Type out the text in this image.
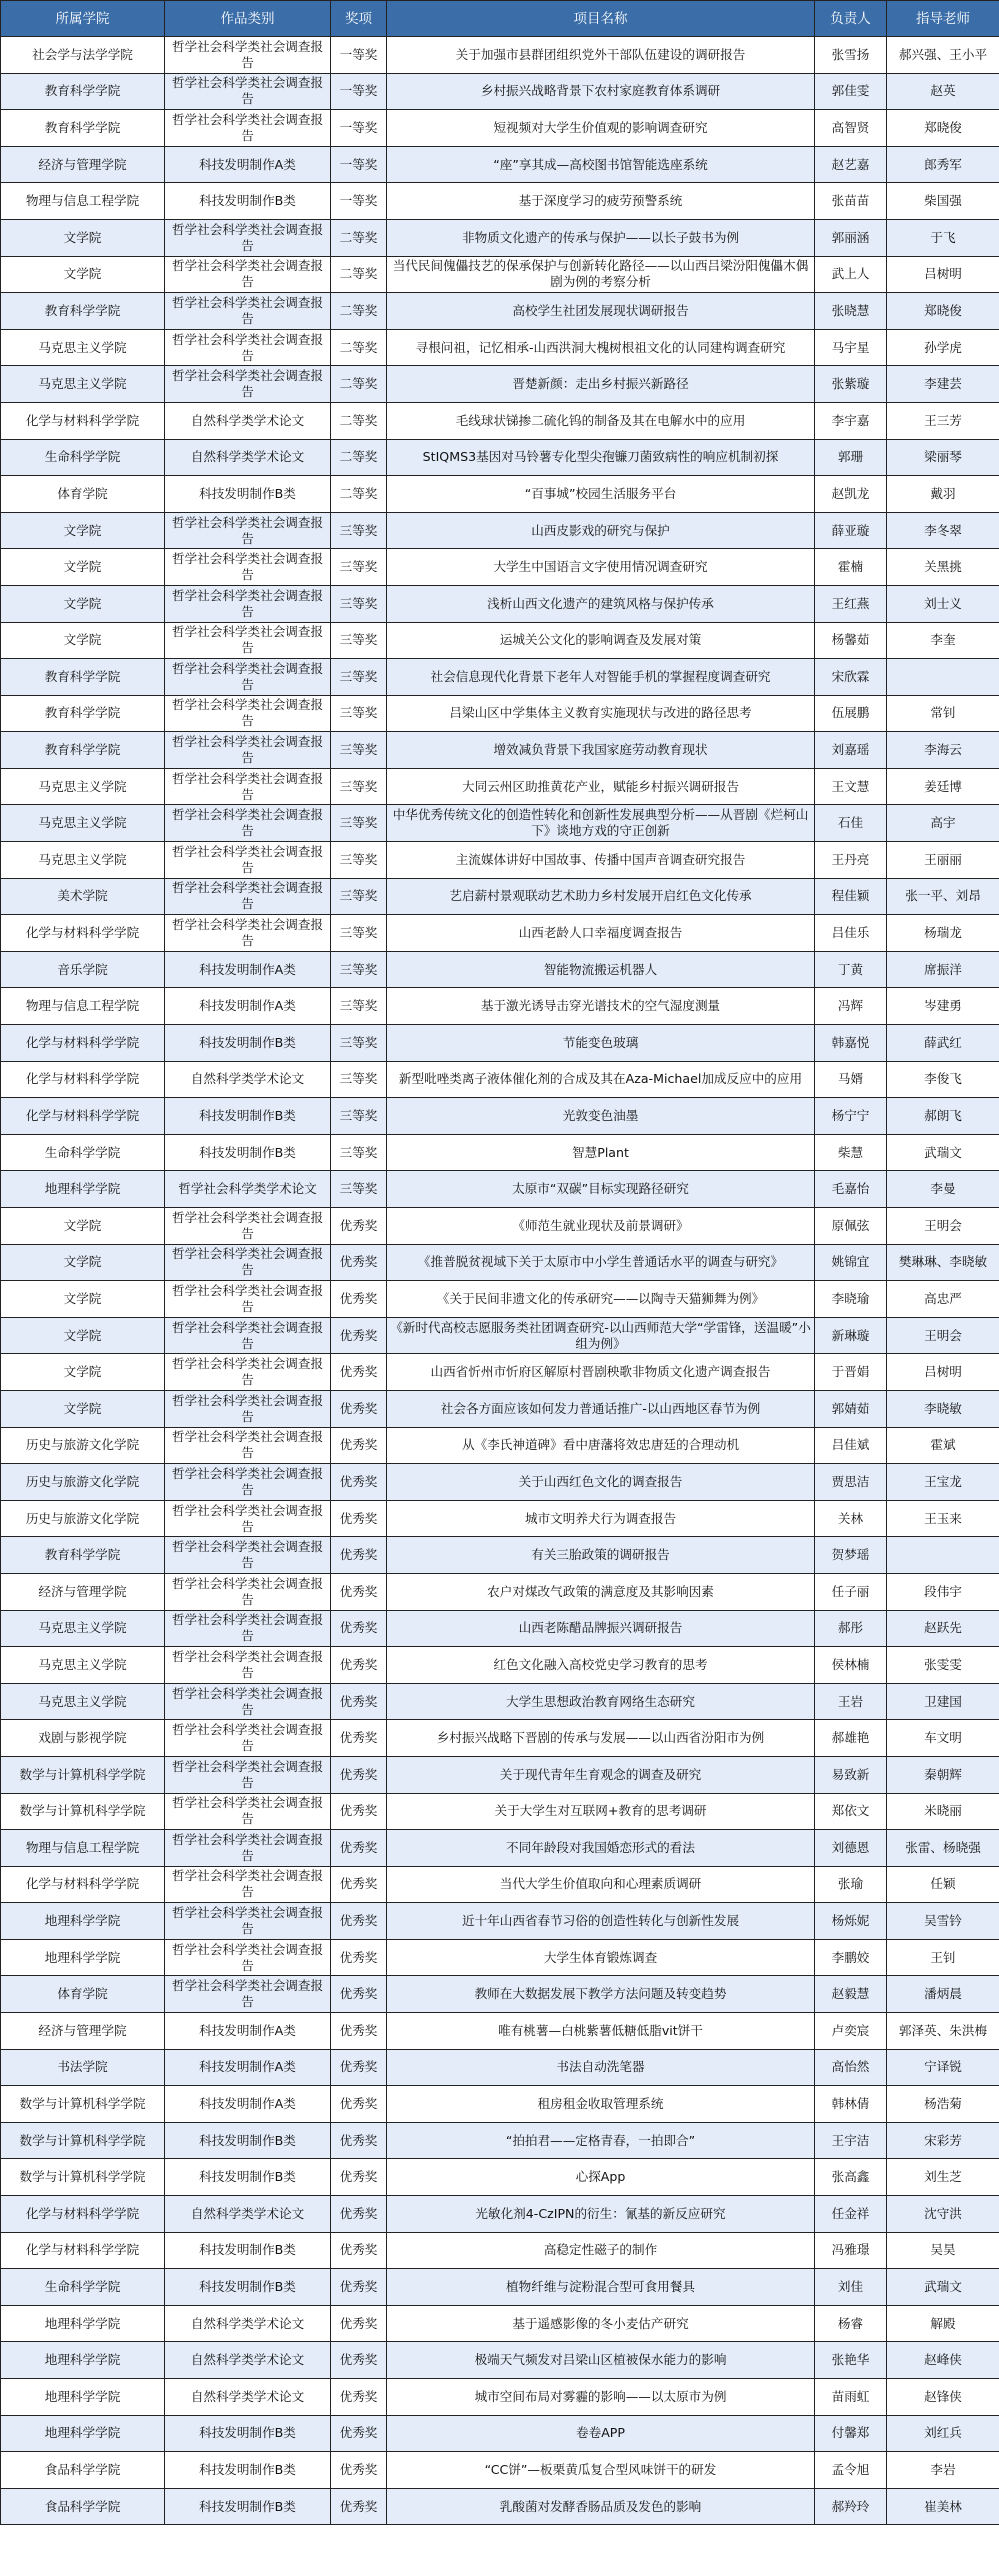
所属学院	作品类别	奖项	项目名称	负责人	指导老师
社会学与法学学院	哲学社会科学类社会调查报告	一等奖	关于加强市县群团组织党外干部队伍建设的调研报告	张雪扬	郝兴强、王小平
教育科学学院	哲学社会科学类社会调查报告	一等奖	乡村振兴战略背景下农村家庭教育体系调研	郭佳雯	赵英
教育科学学院	哲学社会科学类社会调查报告	一等奖	短视频对大学生价值观的影响调查研究	高智贤	郑晓俊
经济与管理学院	科技发明制作A类	一等奖	“座”享其成—高校图书馆智能选座系统	赵艺嘉	郎秀军
物理与信息工程学院	科技发明制作B类	一等奖	基于深度学习的疲劳预警系统	张苗苗	柴国强
文学院	哲学社会科学类社会调查报告	二等奖	非物质文化遗产的传承与保护——以长子鼓书为例	郭丽涵	于飞
文学院	哲学社会科学类社会调查报告	二等奖	当代民间傀儡技艺的保承保护与创新转化路径——以山西吕梁汾阳傀儡木偶剧为例的考察分析	武上人	吕树明
教育科学学院	哲学社会科学类社会调查报告	二等奖	高校学生社团发展现状调研报告	张晓慧	郑晓俊
马克思主义学院	哲学社会科学类社会调查报告	二等奖	寻根问祖，记忆相承-山西洪洞大槐树根祖文化的认同建构调查研究	马宇星	孙学虎
马克思主义学院	哲学社会科学类社会调查报告	二等奖	晋楚新颜：走出乡村振兴新路径	张紫璇	李建芸
化学与材料科学学院	自然科学类学术论文	二等奖	毛线球状锑掺二硫化钨的制备及其在电解水中的应用	李宇嘉	王三芳
生命科学学院	自然科学类学术论文	二等奖	StIQMS3基因对马铃薯专化型尖孢镰刀菌致病性的响应机制初探	郭珊	梁丽琴
体育学院	科技发明制作B类	二等奖	“百事城”校园生活服务平台	赵凯龙	戴羽
文学院	哲学社会科学类社会调查报告	三等奖	山西皮影戏的研究与保护	薛亚璇	李冬翠
文学院	哲学社会科学类社会调查报告	三等奖	大学生中国语言文字使用情况调查研究	霍楠	关黑挑
文学院	哲学社会科学类社会调查报告	三等奖	浅析山西文化遗产的建筑风格与保护传承	王红燕	刘士义
文学院	哲学社会科学类社会调查报告	三等奖	运城关公文化的影响调查及发展对策	杨馨茹	李奎
教育科学学院	哲学社会科学类社会调查报告	三等奖	社会信息现代化背景下老年人对智能手机的掌握程度调查研究	宋欣霖	
教育科学学院	哲学社会科学类社会调查报告	三等奖	吕梁山区中学集体主义教育实施现状与改进的路径思考	伍展鹏	常钊
教育科学学院	哲学社会科学类社会调查报告	三等奖	增效减负背景下我国家庭劳动教育现状	刘嘉瑶	李海云
马克思主义学院	哲学社会科学类社会调查报告	三等奖	大同云州区助推黄花产业，赋能乡村振兴调研报告	王文慧	姜廷博
马克思主义学院	哲学社会科学类社会调查报告	三等奖	中华优秀传统文化的创造性转化和创新性发展典型分析——从晋剧《烂柯山下》谈地方戏的守正创新	石佳	高宇
马克思主义学院	哲学社会科学类社会调查报告	三等奖	主流媒体讲好中国故事、传播中国声音调查研究报告	王丹亮	王丽丽
美术学院	哲学社会科学类社会调查报告	三等奖	艺启薪村景观联动艺术助力乡村发展开启红色文化传承	程佳颖	张一平、刘昂
化学与材料科学学院	哲学社会科学类社会调查报告	三等奖	山西老龄人口幸福度调查报告	吕佳乐	杨瑞龙
音乐学院	科技发明制作A类	三等奖	智能物流搬运机器人	丁黄	席振洋
物理与信息工程学院	科技发明制作A类	三等奖	基于激光诱导击穿光谱技术的空气湿度测量	冯辉	岑建勇
化学与材料科学学院	科技发明制作B类	三等奖	节能变色玻璃	韩嘉悦	薛武红
化学与材料科学学院	自然科学类学术论文	三等奖	新型吡唑类离子液体催化剂的合成及其在Aza-Michael加成反应中的应用	马婿	李俊飞
化学与材料科学学院	科技发明制作B类	三等奖	光敦变色油墨	杨宁宁	郝朗飞
生命科学学院	科技发明制作B类	三等奖	智慧Plant	柴慧	武瑞文
地理科学学院	哲学社会科学类学术论文	三等奖	太原市“双碳”目标实现路径研究	毛嘉怡	李曼
文学院	哲学社会科学类社会调查报告	优秀奖	《师范生就业现状及前景调研》	原佩弦	王明会
文学院	哲学社会科学类社会调查报告	优秀奖	《推普脱贫视域下关于太原市中小学生普通话水平的调查与研究》	姚锦宜	樊琳琳、李晓敏
文学院	哲学社会科学类社会调查报告	优秀奖	《关于民间非遗文化的传承研究——以陶寺天猫狮舞为例》	李晓瑜	高忠严
文学院	哲学社会科学类社会调查报告	优秀奖	《新时代高校志愿服务类社团调查研究-以山西师范大学“学雷锋，送温暖”小组为例》	新琳璇	王明会
文学院	哲学社会科学类社会调查报告	优秀奖	山西省忻州市忻府区解原村晋剧秧歌非物质文化遗产调查报告	于晋娟	吕树明
文学院	哲学社会科学类社会调查报告	优秀奖	社会各方面应该如何发力普通话推广-以山西地区春节为例	郭婧茹	李晓敏
历史与旅游文化学院	哲学社会科学类社会调查报告	优秀奖	从《李氏神道碑》看中唐藩将效忠唐廷的合理动机	吕佳斌	霍斌
历史与旅游文化学院	哲学社会科学类社会调查报告	优秀奖	关于山西红色文化的调查报告	贾思洁	王宝龙
历史与旅游文化学院	哲学社会科学类社会调查报告	优秀奖	城市文明养犬行为调查报告	关林	王玉来
教育科学学院	哲学社会科学类社会调查报告	优秀奖	有关三胎政策的调研报告	贺梦瑶	
经济与管理学院	哲学社会科学类社会调查报告	优秀奖	农户对煤改气政策的满意度及其影响因素	任子丽	段伟宇
马克思主义学院	哲学社会科学类社会调查报告	优秀奖	山西老陈醋品牌振兴调研报告	郝彤	赵跃先
马克思主义学院	哲学社会科学类社会调查报告	优秀奖	红色文化融入高校党史学习教育的思考	侯林楠	张雯雯
马克思主义学院	哲学社会科学类社会调查报告	优秀奖	大学生思想政治教育网络生态研究	王岩	卫建国
戏剧与影视学院	哲学社会科学类社会调查报告	优秀奖	乡村振兴战略下晋剧的传承与发展——以山西省汾阳市为例	郝雄艳	车文明
数学与计算机科学学院	哲学社会科学类社会调查报告	优秀奖	关于现代青年生育观念的调查及研究	易致新	秦朝辉
数学与计算机科学学院	哲学社会科学类社会调查报告	优秀奖	关于大学生对互联网+教育的思考调研	郑依文	米晓丽
物理与信息工程学院	哲学社会科学类社会调查报告	优秀奖	不同年龄段对我国婚恋形式的看法	刘德恩	张雷、杨晓强
化学与材料科学学院	哲学社会科学类社会调查报告	优秀奖	当代大学生价值取向和心理素质调研	张瑜	任颖
地理科学学院	哲学社会科学类社会调查报告	优秀奖	近十年山西省春节习俗的创造性转化与创新性发展	杨烁妮	吴雪钤
地理科学学院	哲学社会科学类社会调查报告	优秀奖	大学生体育锻炼调查	李鹏姣	王钊
体育学院	哲学社会科学类社会调查报告	优秀奖	教师在大数据发展下教学方法问题及转变趋势	赵毅慧	潘炳晨
经济与管理学院	科技发明制作A类	优秀奖	唯有桃薯—白桃紫薯低糖低脂vit饼干	卢奕宸	郭泽英、朱洪梅
书法学院	科技发明制作A类	优秀奖	书法自动洗笔器	高怡然	宁译锐
数学与计算机科学学院	科技发明制作A类	优秀奖	租房租金收取管理系统	韩林倩	杨浩菊
数学与计算机科学学院	科技发明制作B类	优秀奖	“拍拍君——定格青春，一拍即合”	王宇洁	宋彩芳
数学与计算机科学学院	科技发明制作B类	优秀奖	心探App	张高鑫	刘生芝
化学与材料科学学院	自然科学类学术论文	优秀奖	光敏化剂4-CzIPN的衍生：氰基的新反应研究	任金祥	沈守洪
化学与材料科学学院	科技发明制作B类	优秀奖	高稳定性磁子的制作	冯雅璟	吴昊
生命科学学院	科技发明制作B类	优秀奖	植物纤维与淀粉混合型可食用餐具	刘佳	武瑞文
地理科学学院	自然科学类学术论文	优秀奖	基于遥感影像的冬小麦估产研究	杨睿	解殿
地理科学学院	自然科学类学术论文	优秀奖	极端天气频发对吕梁山区植被保水能力的影响	张艳华	赵峰侠
地理科学学院	自然科学类学术论文	优秀奖	城市空间布局对雾霾的影响——以太原市为例	苗雨虹	赵锋侠
地理科学学院	科技发明制作B类	优秀奖	卷卷APP	付馨郑	刘红兵
食品科学学院	科技发明制作B类	优秀奖	“CC饼”—板栗黄瓜复合型风味饼干的研发	孟令旭	李岩
食品科学学院	科技发明制作B类	优秀奖	乳酸菌对发酵香肠品质及发色的影响	郝羚玲	崔美林
